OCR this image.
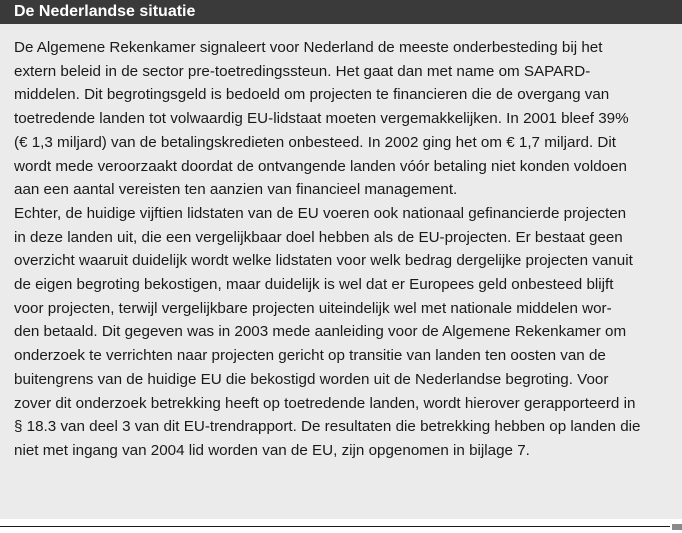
De Nederlandse situatie

De Algemene Rekenkamer signaleert voor Nederland de meeste onderbesteding bij het
extern beleid in de sector pre-toetredingssteun. Het gaat dan met name om SAPARD-
middelen. Dit begrotingsgeld is bedoeld om projecten te financieren die de overgang van
toetredende landen tot volwaardig EU-lidstaat moeten vergemakkelijken. In 2001 bleef 39%
(€ 1,3 miljard) van de betalingskredieten onbesteed. In 2002 ging het om € 1,7 miljard. Dit
wordt mede veroorzaakt doordat de ontvangende landen vóór betaling niet konden voldoen
aan een aantal vereisten ten aanzien van financieel management.
Echter, de huidige vijftien lidstaten van de EU voeren ook nationaal gefinancierde projecten
in deze landen uit, die een vergelijkbaar doel hebben als de EU-projecten. Er bestaat geen
overzicht waaruit duidelijk wordt welke lidstaten voor welk bedrag dergelijke projecten vanuit
de eigen begroting bekostigen, maar duidelijk is wel dat er Europees geld onbesteed blijft
voor projecten, terwijl vergelijkbare projecten uiteindelijk wel met nationale middelen wor-
den betaald. Dit gegeven was in 2003 mede aanleiding voor de Algemene Rekenkamer om
onderzoek te verrichten naar projecten gericht op transitie van landen ten oosten van de
buitengrens van de huidige EU die bekostigd worden uit de Nederlandse begroting. Voor
zover dit onderzoek betrekking heeft op toetredende landen, wordt hierover gerapporteerd in
§ 18.3 van deel 3 van dit EU-trendrapport. De resultaten die betrekking hebben op landen die
niet met ingang van 2004 lid worden van de EU, zijn opgenomen in bijlage 7.
